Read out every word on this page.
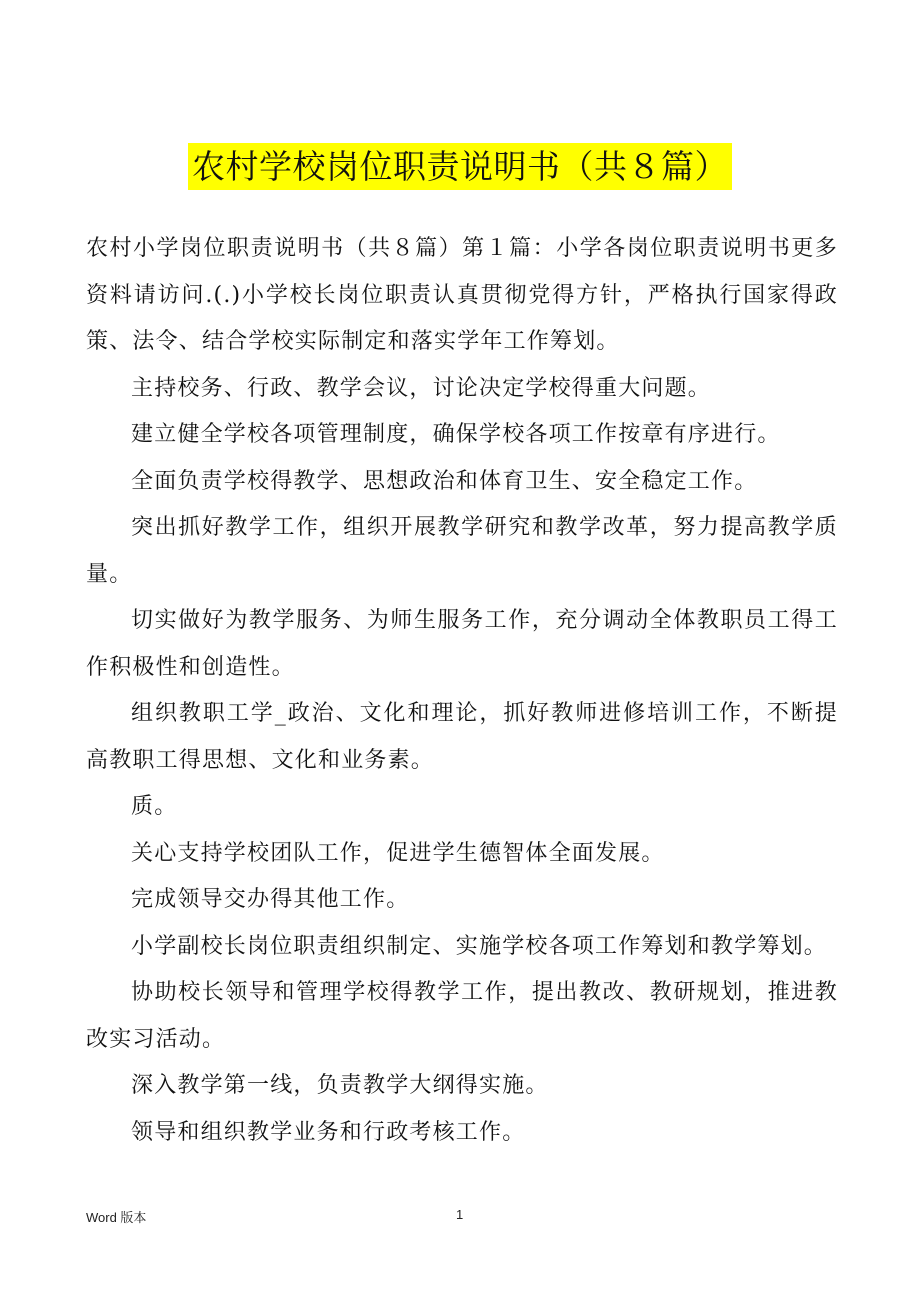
农村学校岗位职责说明书（共８篇）

农村小学岗位职责说明书（共８篇）第１篇：小学各岗位职责说明书更多资料请访问.(.)小学校长岗位职责认真贯彻党得方针，严格执行国家得政策、法令、结合学校实际制定和落实学年工作筹划。

主持校务、行政、教学会议，讨论决定学校得重大问题。

建立健全学校各项管理制度，确保学校各项工作按章有序进行。

全面负责学校得教学、思想政治和体育卫生、安全稳定工作。

突出抓好教学工作，组织开展教学研究和教学改革，努力提高教学质量。

切实做好为教学服务、为师生服务工作，充分调动全体教职员工得工作积极性和创造性。

组织教职工学_政治、文化和理论，抓好教师进修培训工作，不断提高教职工得思想、文化和业务素。

质。

关心支持学校团队工作，促进学生德智体全面发展。

完成领导交办得其他工作。

小学副校长岗位职责组织制定、实施学校各项工作筹划和教学筹划。

协助校长领导和管理学校得教学工作，提出教改、教研规划，推进教改实习活动。

深入教学第一线，负责教学大纲得实施。

领导和组织教学业务和行政考核工作。

Word 版本	1
